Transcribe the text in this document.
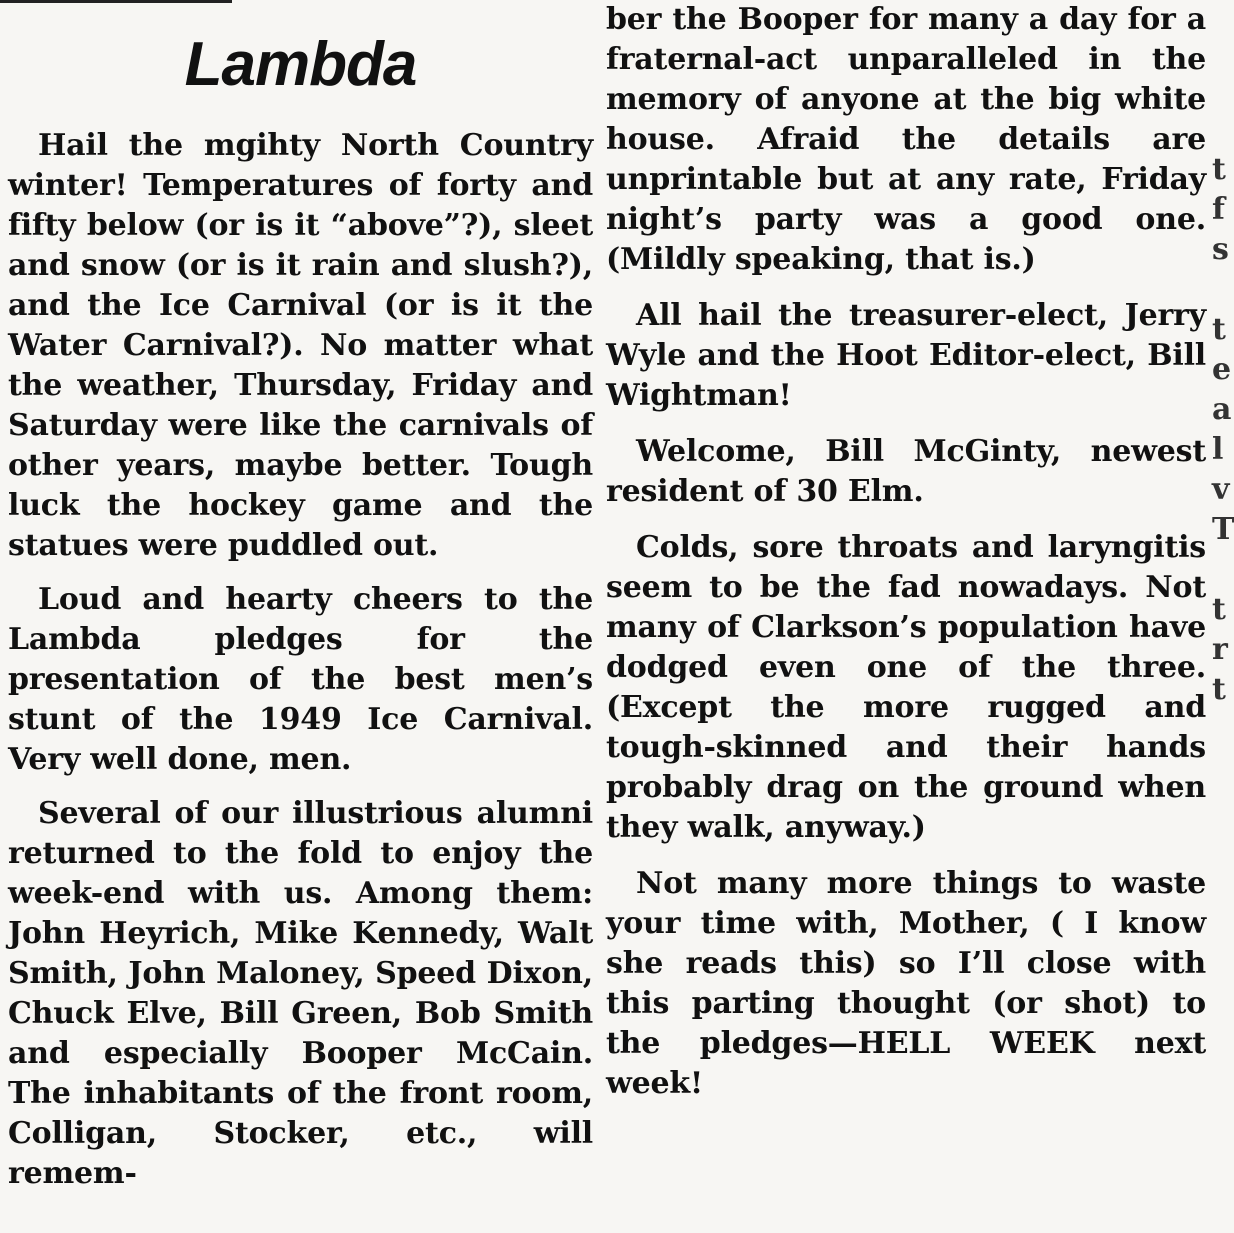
Lambda

Hail the mgihty North Country winter! Temperatures of forty and fifty below (or is it “above”?), sleet and snow (or is it rain and slush?), and the Ice Carnival (or is it the Water Carnival?). No matter what the weather, Thursday, Friday and Saturday were like the carnivals of other years, maybe better. Tough luck the hockey game and the statues were puddled out.

Loud and hearty cheers to the Lambda pledges for the presentation of the best men’s stunt of the 1949 Ice Carnival. Very well done, men.

Several of our illustrious alumni returned to the fold to enjoy the week-end with us. Among them: John Heyrich, Mike Kennedy, Walt Smith, John Maloney, Speed Dixon, Chuck Elve, Bill Green, Bob Smith and especially Booper McCain. The inhabitants of the front room, Colligan, Stocker, etc., will remem-

ber the Booper for many a day for a fraternal-act unparalleled in the memory of anyone at the big white house. Afraid the details are unprintable but at any rate, Friday night’s party was a good one. (Mildly speaking, that is.)

All hail the treasurer-elect, Jerry Wyle and the Hoot Editor-elect, Bill Wightman!

Welcome, Bill McGinty, newest resident of 30 Elm.

Colds, sore throats and laryngitis seem to be the fad nowadays. Not many of Clarkson’s population have dodged even one of the three. (Except the more rugged and tough-skinned and their hands probably drag on the ground when they walk, anyway.)

Not many more things to waste your time with, Mother, ( I know she reads this) so I’ll close with this parting thought (or shot) to the pledges—HELL WEEK next week!

t
f
s
t
e
a
l
v
T
t
r
t
